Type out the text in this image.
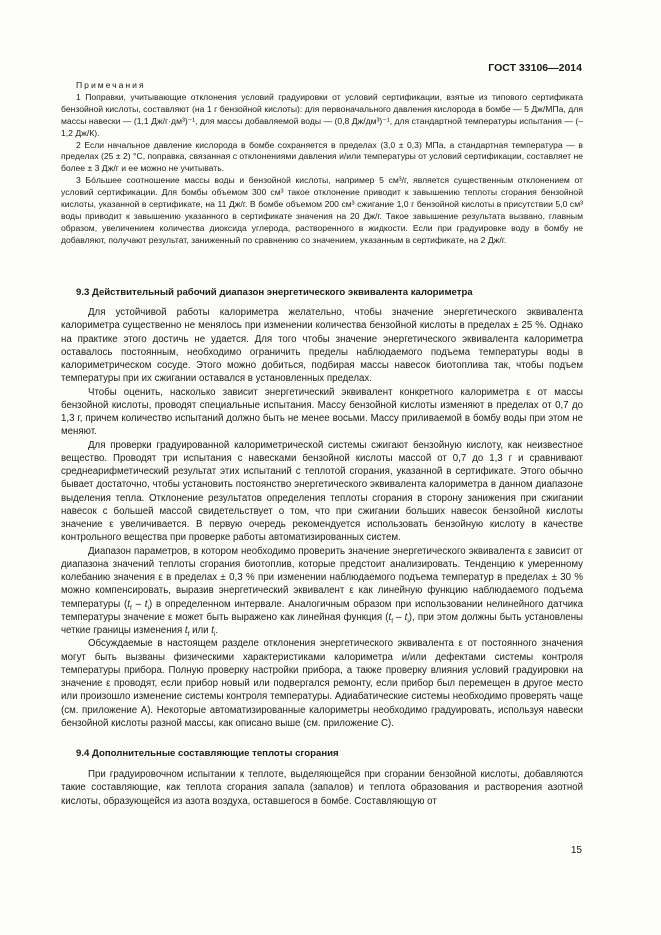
ГОСТ 33106—2014

Примечания

1 Поправки, учитывающие отклонения условий градуировки от условий сертификации, взятые из типового сертификата бензойной кислоты, составляют (на 1 г бензойной кислоты): для первоначального давления кислорода в бомбе — 5 Дж/МПа, для массы навески — (1,1 Дж/г·дм³)⁻¹, для массы добавляемой воды — (0,8 Дж/дм³)⁻¹, для стандартной температуры испытания — (–1,2 Дж/К).

2 Если начальное давление кислорода в бомбе сохраняется в пределах (3,0 ± 0,3) МПа, а стандартная температура — в пределах (25 ± 2) °С, поправка, связанная с отклонениями давления и/или температуры от условий сертификации, составляет не более ± 3 Дж/г и ее можно не учитывать.

3 Бóльшее соотношение массы воды и бензойной кислоты, например 5 см³/г, является существенным отклонением от условий сертификации. Для бомбы объемом 300 см³ такое отклонение приводит к завышению теплоты сгорания бензойной кислоты, указанной в сертификате, на 11 Дж/г. В бомбе объемом 200 см³ сжигание 1,0 г бензойной кислоты в присутствии 5,0 см³ воды приводит к завышению указанного в сертификате значения на 20 Дж/г. Такое завышение результата вызвано, главным образом, увеличением количества диоксида углерода, растворенного в жидкости. Если при градуировке воду в бомбу не добавляют, получают результат, заниженный по сравнению со значением, указанным в сертификате, на 2 Дж/г.

9.3 Действительный рабочий диапазон энергетического эквивалента калориметра

Для устойчивой работы калориметра желательно, чтобы значение энергетического эквивалента калориметра существенно не менялось при изменении количества бензойной кислоты в пределах ± 25 %. Однако на практике этого достичь не удается. Для того чтобы значение энергетического эквивалента калориметра оставалось постоянным, необходимо ограничить пределы наблюдаемого подъема температуры воды в калориметрическом сосуде. Этого можно добиться, подбирая массы навесок биотоплива так, чтобы подъем температуры при их сжигании оставался в установленных пределах.

Чтобы оценить, насколько зависит энергетический эквивалент конкретного калориметра ε от массы бензойной кислоты, проводят специальные испытания. Массу бензойной кислоты изменяют в пределах от 0,7 до 1,3 г, причем количество испытаний должно быть не менее восьми. Массу приливаемой в бомбу воды при этом не меняют.

Для проверки градуированной калориметрической системы сжигают бензойную кислоту, как неизвестное вещество. Проводят три испытания с навесками бензойной кислоты массой от 0,7 до 1,3 г и сравнивают среднеарифметический результат этих испытаний с теплотой сгорания, указанной в сертификате. Этого обычно бывает достаточно, чтобы установить постоянство энергетического эквивалента калориметра в данном диапазоне выделения тепла. Отклонение результатов определения теплоты сгорания в сторону занижения при сжигании навесок с большей массой свидетельствует о том, что при сжигании больших навесок бензойной кислоты значение ε увеличивается. В первую очередь рекомендуется использовать бензойную кислоту в качестве контрольного вещества при проверке работы автоматизированных систем.

Диапазон параметров, в котором необходимо проверить значение энергетического эквивалента ε зависит от диапазона значений теплоты сгорания биотоплив, которые предстоит анализировать. Тенденцию к умеренному колебанию значения ε в пределах ± 0,3 % при изменении наблюдаемого подъема температур в пределах ± 30 % можно компенсировать, выразив энергетический эквивалент ε как линейную функцию наблюдаемого подъема температуры $(t_f - t_i)$ в определенном интервале. Аналогичным образом при использовании нелинейного датчика температуры значение ε может быть выражено как линейная функция $(t_f - t_i)$, при этом должны быть установлены четкие границы изменения $t_f$ или $t_i$.

Обсуждаемые в настоящем разделе отклонения энергетического эквивалента ε от постоянного значения могут быть вызваны физическими характеристиками калориметра и/или дефектами системы контроля температуры прибора. Полную проверку настройки прибора, а также проверку влияния условий градуировки на значение ε проводят, если прибор новый или подвергался ремонту, если прибор был перемещен в другое место или произошло изменение системы контроля температуры. Адиабатические системы необходимо проверять чаще (см. приложение А). Некоторые автоматизированные калориметры необходимо градуировать, используя навески бензойной кислоты разной массы, как описано выше (см. приложение С).

9.4 Дополнительные составляющие теплоты сгорания

При градуировочном испытании к теплоте, выделяющейся при сгорании бензойной кислоты, добавляются такие составляющие, как теплота сгорания запала (запалов) и теплота образования и растворения азотной кислоты, образующейся из азота воздуха, оставшегося в бомбе. Составляющую от

15
